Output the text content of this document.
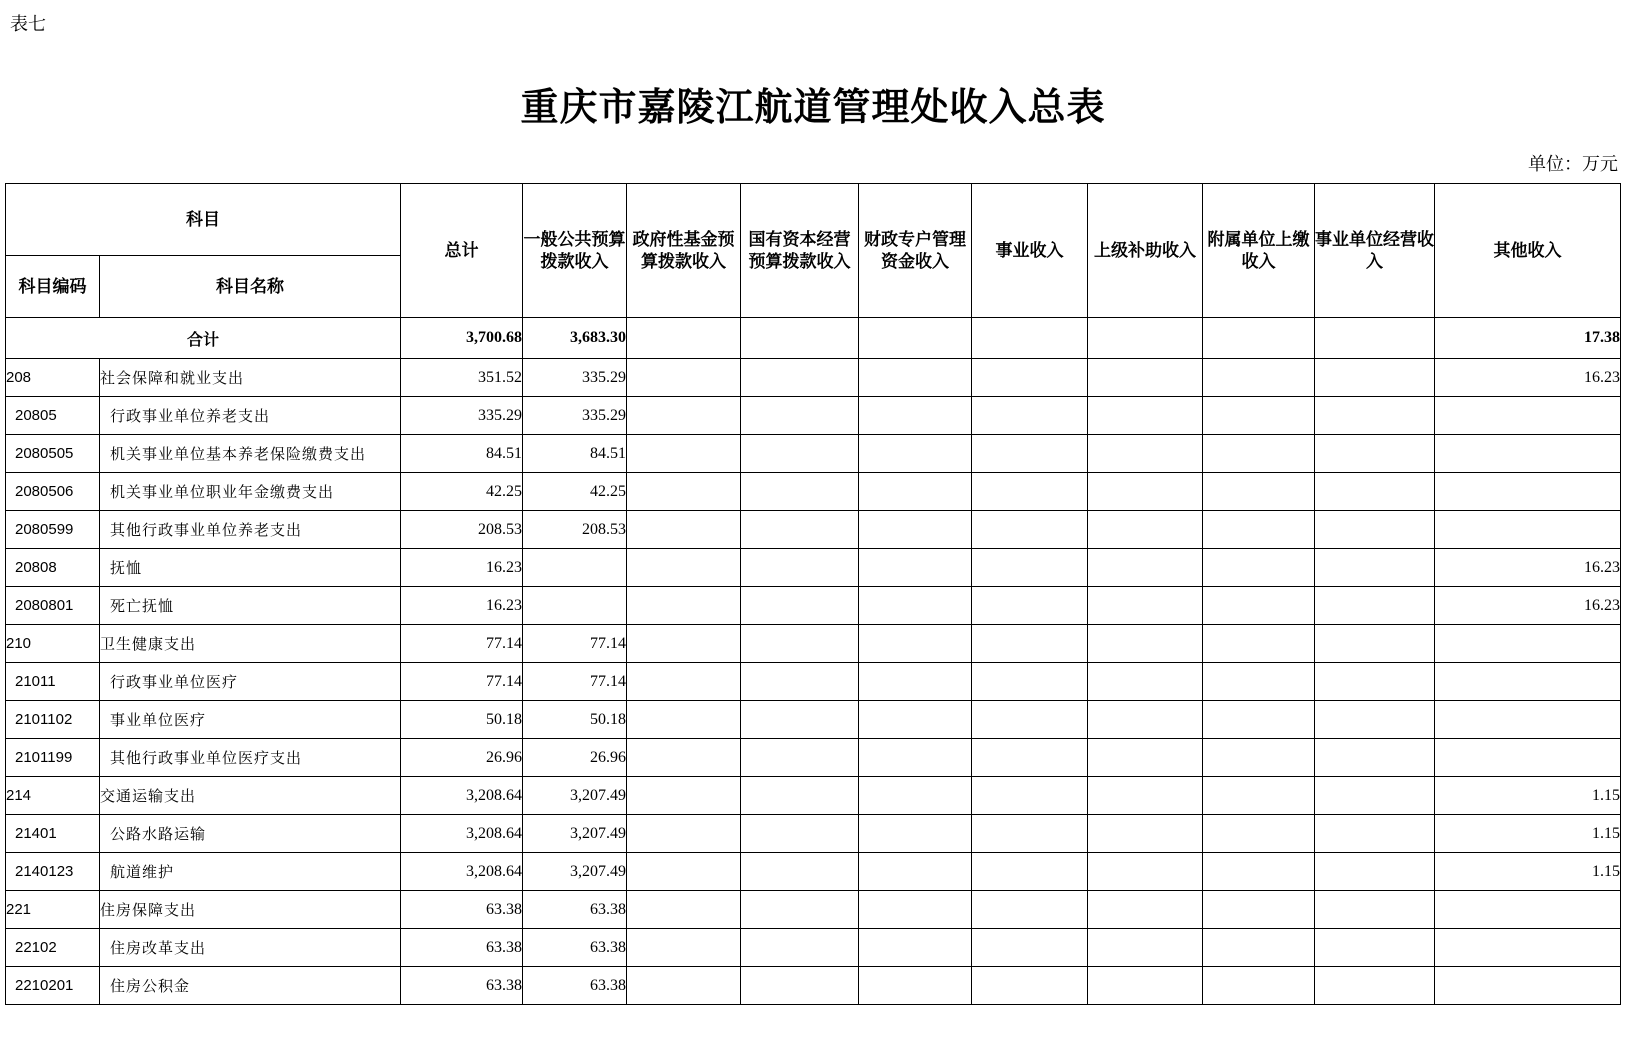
表七
重庆市嘉陵江航道管理处收入总表
单位：万元
科目		总计	一般公共预算拨款收入	政府性基金预算拨款收入	国有资本经营预算拨款收入	财政专户管理资金收入	事业收入	上级补助收入	附属单位上缴收入	事业单位经营收入	其他收入
科目编码	科目名称										
合计		3,700.68	3,683.30								17.38
208	社会保障和就业支出	351.52	335.29								16.23
20805	行政事业单位养老支出	335.29	335.29								
2080505	机关事业单位基本养老保险缴费支出	84.51	84.51								
2080506	机关事业单位职业年金缴费支出	42.25	42.25								
2080599	其他行政事业单位养老支出	208.53	208.53								
20808	抚恤	16.23									16.23
2080801	死亡抚恤	16.23									16.23
210	卫生健康支出	77.14	77.14								
21011	行政事业单位医疗	77.14	77.14								
2101102	事业单位医疗	50.18	50.18								
2101199	其他行政事业单位医疗支出	26.96	26.96								
214	交通运输支出	3,208.64	3,207.49								1.15
21401	公路水路运输	3,208.64	3,207.49								1.15
2140123	航道维护	3,208.64	3,207.49								1.15
221	住房保障支出	63.38	63.38								
22102	住房改革支出	63.38	63.38								
2210201	住房公积金	63.38	63.38								
